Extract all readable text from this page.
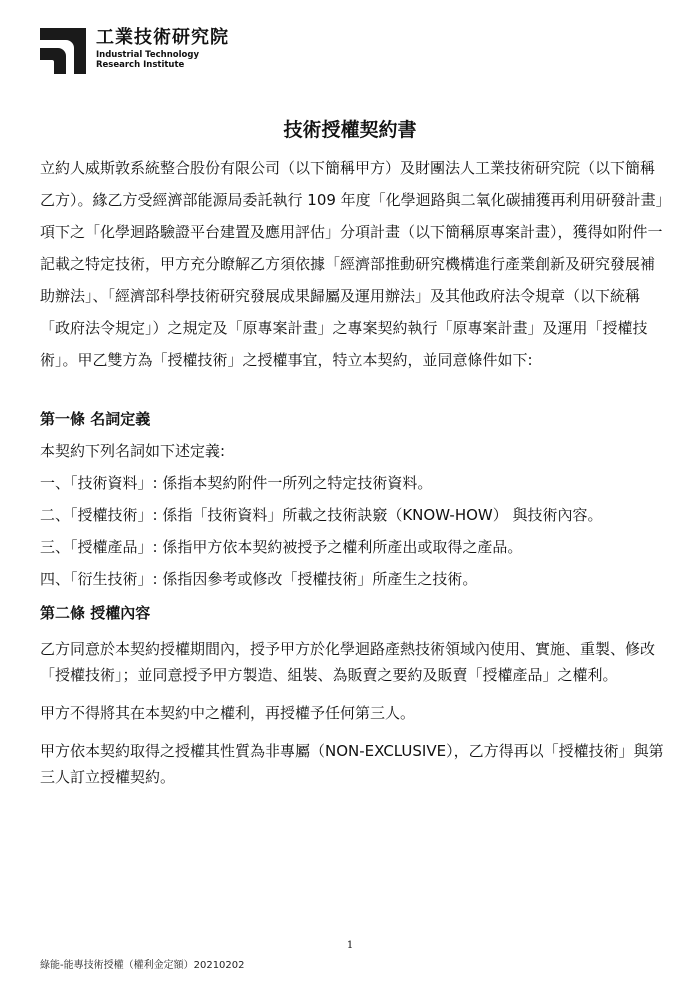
工業技術研究院
Industrial Technology
Research Institute
技術授權契約書

立約人威斯敦系統整合股份有限公司（以下簡稱甲方）及財團法人工業技術研究院（以下簡稱乙方）。緣乙方受經濟部能源局委託執行 109 年度「化學迴路與二氧化碳捕獲再利用研發計畫」項下之「化學迴路驗證平台建置及應用評估」分項計畫（以下簡稱原專案計畫），獲得如附件一記載之特定技術，甲方充分瞭解乙方須依據「經濟部推動研究機構進行產業創新及研究發展補助辦法」、「經濟部科學技術研究發展成果歸屬及運用辦法」及其他政府法令規章（以下統稱「政府法令規定」）之規定及「原專案計畫」之專案契約執行「原專案計畫」及運用「授權技術」。甲乙雙方為「授權技術」之授權事宜，特立本契約，並同意條件如下:

第一條 名詞定義

本契約下列名詞如下述定義:

一、「技術資料」: 係指本契約附件一所列之特定技術資料。
二、「授權技術」: 係指「技術資料」所載之技術訣竅（KNOW-HOW） 與技術內容。
三、「授權產品」: 係指甲方依本契約被授予之權利所產出或取得之產品。
四、「衍生技術」: 係指因參考或修改「授權技術」所產生之技術。

第二條 授權內容

乙方同意於本契約授權期間內，授予甲方於化學迴路產熱技術領域內使用、實施、重製、修改「授權技術」；並同意授予甲方製造、組裝、為販賣之要約及販賣「授權產品」之權利。

甲方不得將其在本契約中之權利，再授權予任何第三人。

甲方依本契約取得之授權其性質為非專屬（NON-EXCLUSIVE），乙方得再以「授權技術」與第三人訂立授權契約。

1
綠能-能專技術授權（權利金定額）20210202
